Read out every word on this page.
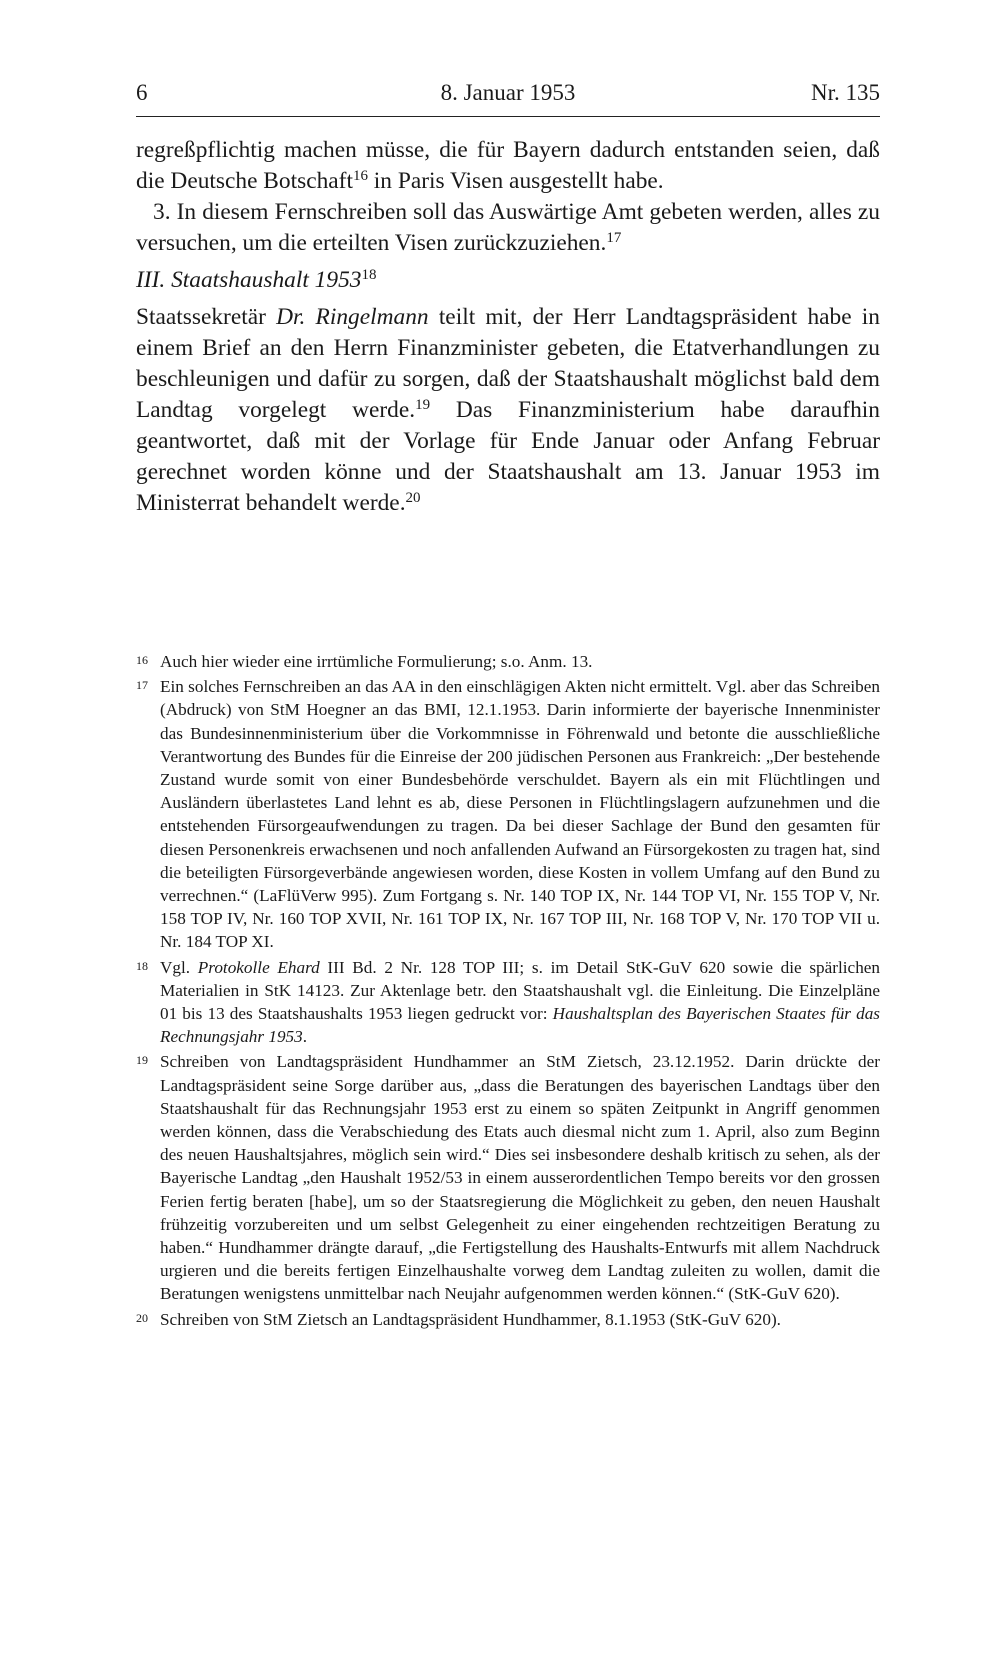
6	8. Januar 1953	Nr. 135

regreßpflichtig machen müsse, die für Bayern dadurch entstanden seien, daß die Deutsche Botschaft$^{16}$ in Paris Visen ausgestellt habe.

3. In diesem Fernschreiben soll das Auswärtige Amt gebeten werden, alles zu versuchen, um die erteilten Visen zurückzuziehen.$^{17}$

III. Staatshaushalt 1953$^{18}$

Staatssekretär Dr. Ringelmann teilt mit, der Herr Landtagspräsident habe in einem Brief an den Herrn Finanzminister gebeten, die Etatverhandlungen zu beschleunigen und dafür zu sorgen, daß der Staatshaushalt möglichst bald dem Landtag vorgelegt werde.$^{19}$ Das Finanzministerium habe daraufhin geantwortet, daß mit der Vorlage für Ende Januar oder Anfang Februar gerechnet worden könne und der Staatshaushalt am 13. Januar 1953 im Ministerrat behandelt werde.$^{20}$

16 Auch hier wieder eine irrtümliche Formulierung; s.o. Anm. 13.

17 Ein solches Fernschreiben an das AA in den einschlägigen Akten nicht ermittelt. Vgl. aber das Schreiben (Abdruck) von StM Hoegner an das BMI, 12.1.1953. Darin informierte der bayerische Innenminister das Bundesinnenministerium über die Vorkommnisse in Föhrenwald und betonte die ausschließliche Verantwortung des Bundes für die Einreise der 200 jüdischen Personen aus Frankreich: „Der bestehende Zustand wurde somit von einer Bundesbehörde verschuldet. Bayern als ein mit Flüchtlingen und Ausländern überlastetes Land lehnt es ab, diese Personen in Flüchtlingslagern aufzunehmen und die entstehenden Fürsorgeaufwendungen zu tragen. Da bei dieser Sachlage der Bund den gesamten für diesen Personenkreis erwachsenen und noch anfallenden Aufwand an Fürsorgekosten zu tragen hat, sind die beteiligten Fürsorgeverbände angewiesen worden, diese Kosten in vollem Umfang auf den Bund zu verrechnen.“ (LaFlüVerw 995). Zum Fortgang s. Nr. 140 TOP IX, Nr. 144 TOP VI, Nr. 155 TOP V, Nr. 158 TOP IV, Nr. 160 TOP XVII, Nr. 161 TOP IX, Nr. 167 TOP III, Nr. 168 TOP V, Nr. 170 TOP VII u. Nr. 184 TOP XI.

18 Vgl. Protokolle Ehard III Bd. 2 Nr. 128 TOP III; s. im Detail StK-GuV 620 sowie die spärlichen Materialien in StK 14123. Zur Aktenlage betr. den Staatshaushalt vgl. die Einleitung. Die Einzelpläne 01 bis 13 des Staatshaushalts 1953 liegen gedruckt vor: Haushaltsplan des Bayerischen Staates für das Rechnungsjahr 1953.

19 Schreiben von Landtagspräsident Hundhammer an StM Zietsch, 23.12.1952. Darin drückte der Landtagspräsident seine Sorge darüber aus, „dass die Beratungen des bayerischen Landtags über den Staatshaushalt für das Rechnungsjahr 1953 erst zu einem so späten Zeitpunkt in Angriff genommen werden können, dass die Verabschiedung des Etats auch diesmal nicht zum 1. April, also zum Beginn des neuen Haushaltsjahres, möglich sein wird.“ Dies sei insbesondere deshalb kritisch zu sehen, als der Bayerische Landtag „den Haushalt 1952/53 in einem ausserordentlichen Tempo bereits vor den grossen Ferien fertig beraten [habe], um so der Staatsregierung die Möglichkeit zu geben, den neuen Haushalt frühzeitig vorzubereiten und um selbst Gelegenheit zu einer eingehenden rechtzeitigen Beratung zu haben.“ Hundhammer drängte darauf, „die Fertigstellung des Haushalts-Entwurfs mit allem Nachdruck urgieren und die bereits fertigen Einzelhaushalte vorweg dem Landtag zuleiten zu wollen, damit die Beratungen wenigstens unmittelbar nach Neujahr aufgenommen werden können.“ (StK-GuV 620).

20 Schreiben von StM Zietsch an Landtagspräsident Hundhammer, 8.1.1953 (StK-GuV 620).
